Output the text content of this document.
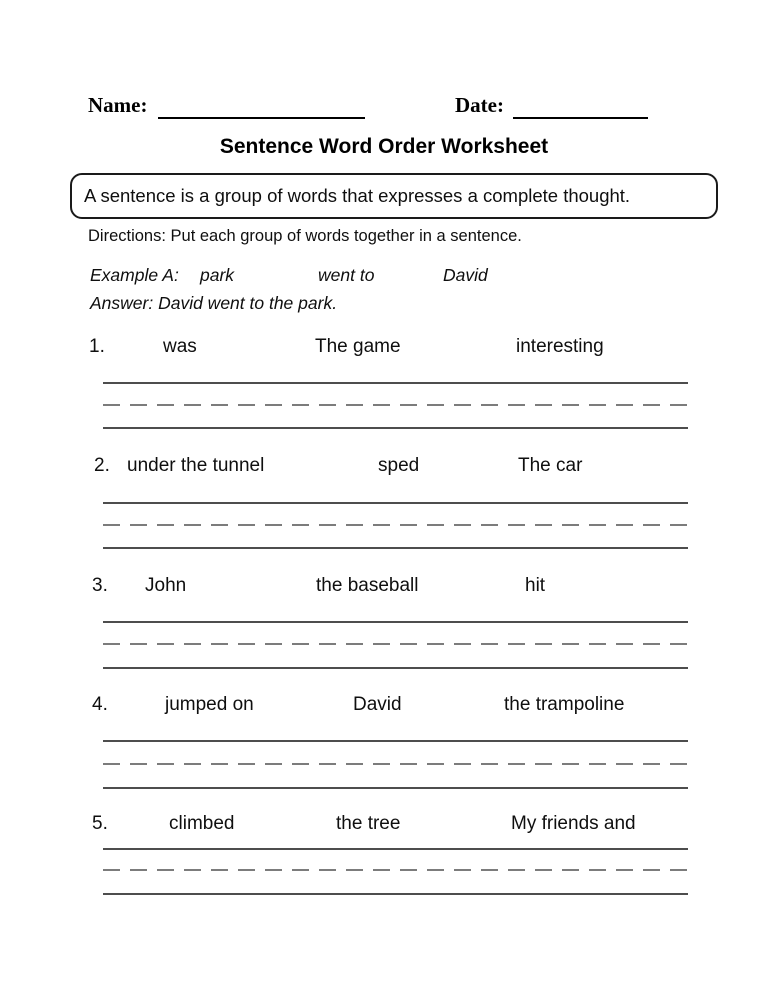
Name:	Date:
Sentence Word Order Worksheet
A sentence is a group of words that expresses a complete thought.
Directions: Put each group of words together in a sentence.
Example A: park	went to	David
Answer: David went to the park.
1.	was	The game	interesting
2. under the tunnel	sped	The car
3. John	the baseball	hit
4.	jumped on	David	the trampoline
5.	climbed	the tree	My friends and
